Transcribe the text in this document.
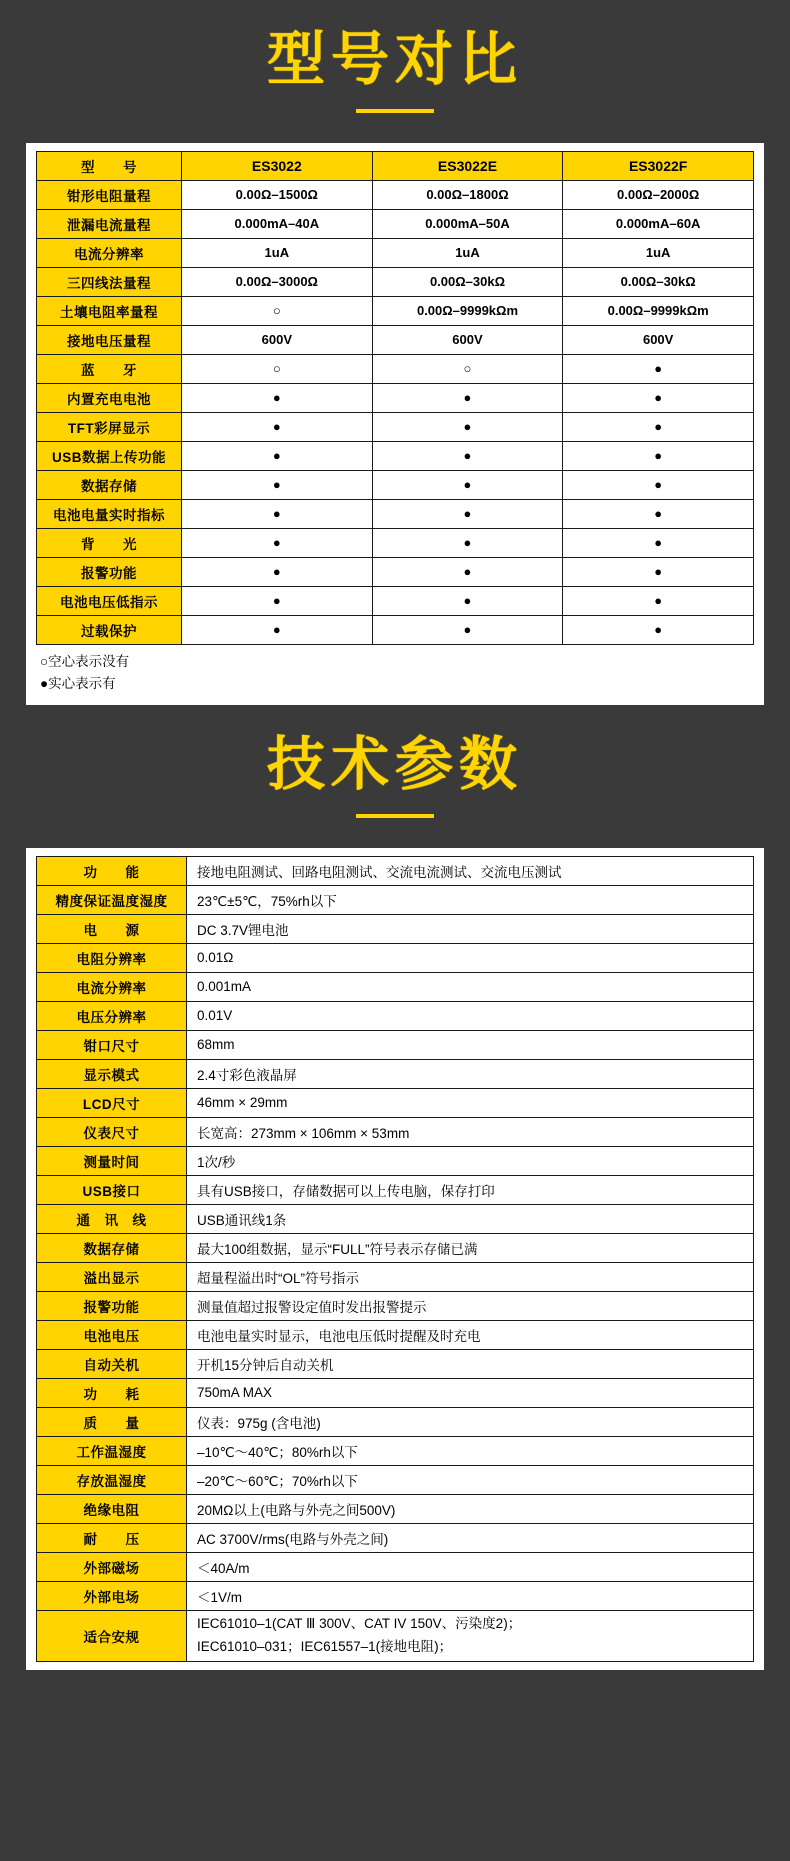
型号对比
型　　号	ES3022	ES3022E	ES3022F
钳形电阻量程	0.00Ω–1500Ω	0.00Ω–1800Ω	0.00Ω–2000Ω
泄漏电流量程	0.000mA–40A	0.000mA–50A	0.000mA–60A
电流分辨率	1uA	1uA	1uA
三四线法量程	0.00Ω–3000Ω	0.00Ω–30kΩ	0.00Ω–30kΩ
土壤电阻率量程	○	0.00Ω–9999kΩm	0.00Ω–9999kΩm
接地电压量程	600V	600V	600V
蓝　　牙	○	○	●
内置充电电池	●	●	●
TFT彩屏显示	●	●	●
USB数据上传功能	●	●	●
数据存储	●	●	●
电池电量实时指标	●	●	●
背　　光	●	●	●
报警功能	●	●	●
电池电压低指示	●	●	●
过载保护	●	●	●
○空心表示没有
●实心表示有
技术参数
功　　能	接地电阻测试、回路电阻测试、交流电流测试、交流电压测试
精度保证温度湿度	23℃±5℃，75%rh以下
电　　源	DC 3.7V锂电池
电阻分辨率	0.01Ω
电流分辨率	0.001mA
电压分辨率	0.01V
钳口尺寸	68mm
显示模式	2.4寸彩色液晶屏
LCD尺寸	46mm × 29mm
仪表尺寸	长宽高：273mm × 106mm × 53mm
测量时间	1次/秒
USB接口	具有USB接口，存储数据可以上传电脑，保存打印
通　讯　线	USB通讯线1条
数据存储	最大100组数据，显示“FULL”符号表示存储已满
溢出显示	超量程溢出时“OL”符号指示
报警功能	测量值超过报警设定值时发出报警提示
电池电压	电池电量实时显示，电池电压低时提醒及时充电
自动关机	开机15分钟后自动关机
功　　耗	750mA MAX
质　　量	仪表：975g (含电池)
工作温湿度	–10℃～40℃；80%rh以下
存放温湿度	–20℃～60℃；70%rh以下
绝缘电阻	20MΩ以上(电路与外壳之间500V)
耐　　压	AC 3700V/rms(电路与外壳之间)
外部磁场	＜40A/m
外部电场	＜1V/m
适合安规	IEC61010–1(CAT Ⅲ 300V、CAT IV 150V、污染度2)；
IEC61010–031；IEC61557–1(接地电阻)；
